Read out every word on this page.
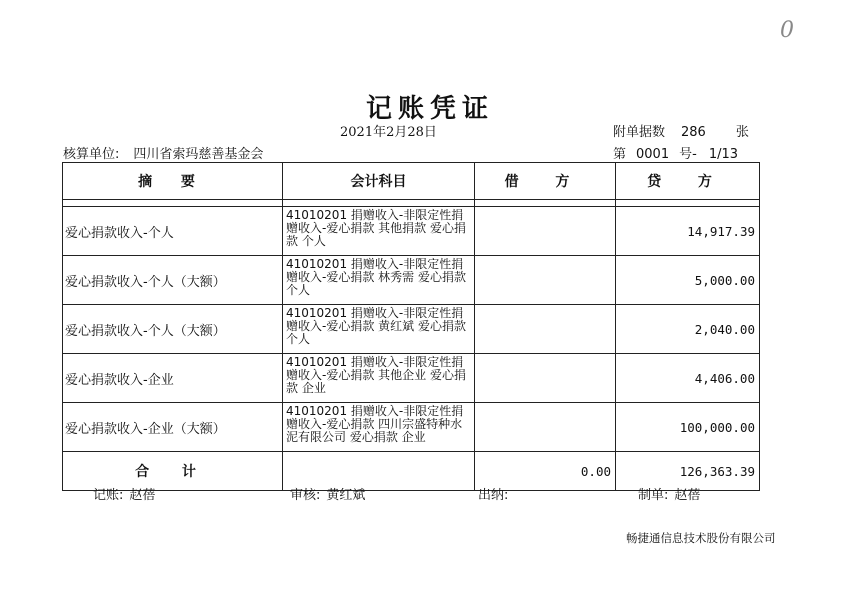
0
记账凭证
2021年2月28日	附单据数 286 张
核算单位: 四川省索玛慈善基金会	第 0001 号- 1/13
摘 要	会计科目	借 方	贷 方

爱心捐款收入-个人	41010201 捐赠收入-非限定性捐赠收入-爱心捐款 其他捐款 爱心捐款 个人		14,917.39
爱心捐款收入-个人（大额）	41010201 捐赠收入-非限定性捐赠收入-爱心捐款 林秀需 爱心捐款 个人		5,000.00
爱心捐款收入-个人（大额）	41010201 捐赠收入-非限定性捐赠收入-爱心捐款 黄红斌 爱心捐款 个人		2,040.00
爱心捐款收入-企业	41010201 捐赠收入-非限定性捐赠收入-爱心捐款 其他企业 爱心捐款 企业		4,406.00
爱心捐款收入-企业（大额）	41010201 捐赠收入-非限定性捐赠收入-爱心捐款 四川宗盛特种水泥有限公司 爱心捐款 企业		100,000.00
合 计		0.00	126,363.39
记账: 赵蓓	审核: 黄红斌	出纳:	制单: 赵蓓
畅捷通信息技术股份有限公司
